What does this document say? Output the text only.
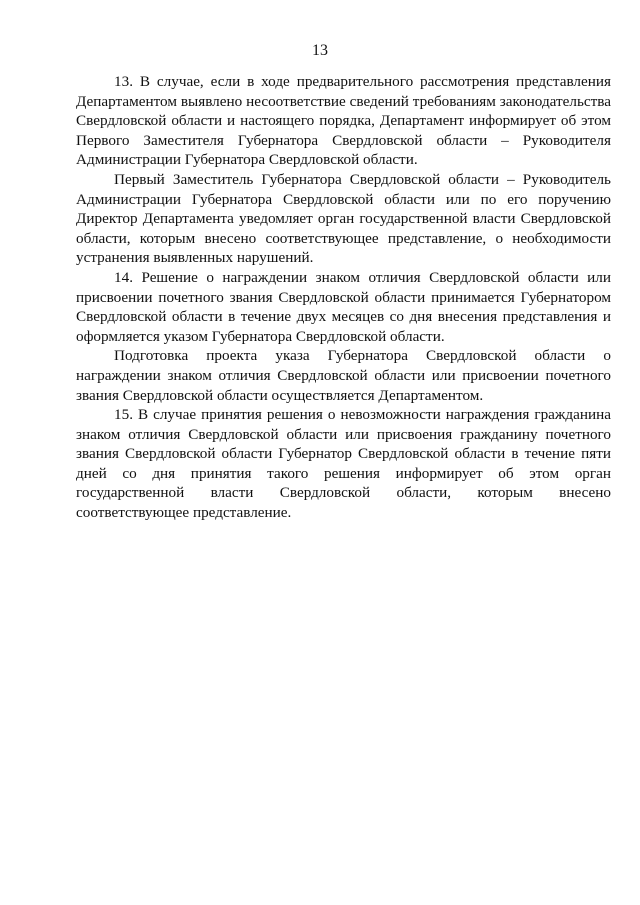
13

13. В случае, если в ходе предварительного рассмотрения представления Департаментом выявлено несоответствие сведений требованиям законодательства Свердловской области и настоящего порядка, Департамент информирует об этом Первого Заместителя Губернатора Свердловской области – Руководителя Администрации Губернатора Свердловской области.

Первый Заместитель Губернатора Свердловской области – Руководитель Администрации Губернатора Свердловской области или по его поручению Директор Департамента уведомляет орган государственной власти Свердловской области, которым внесено соответствующее представление, о необходимости устранения выявленных нарушений.

14. Решение о награждении знаком отличия Свердловской области или присвоении почетного звания Свердловской области принимается Губернатором Свердловской области в течение двух месяцев со дня внесения представления и оформляется указом Губернатора Свердловской области.

Подготовка проекта указа Губернатора Свердловской области о награждении знаком отличия Свердловской области или присвоении почетного звания Свердловской области осуществляется Департаментом.

15. В случае принятия решения о невозможности награждения гражданина знаком отличия Свердловской области или присвоения гражданину почетного звания Свердловской области Губернатор Свердловской области в течение пяти дней со дня принятия такого решения информирует об этом орган государственной власти Свердловской области, которым внесено соответствующее представление.
